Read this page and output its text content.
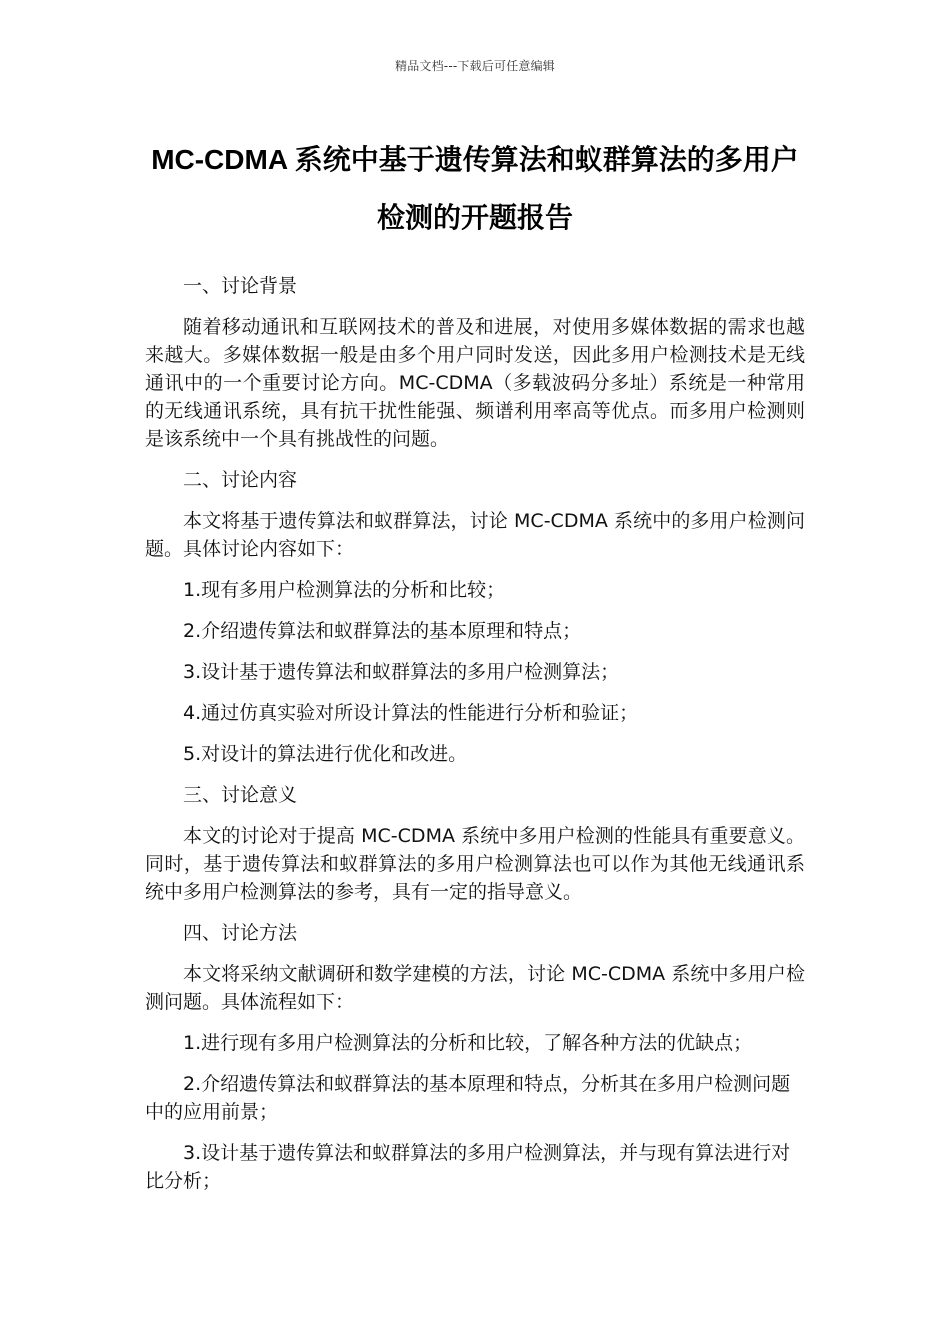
精品文档---下载后可任意编辑
MC-CDMA 系统中基于遗传算法和蚁群算法的多用户
检测的开题报告
一、讨论背景
随着移动通讯和互联网技术的普及和进展，对使用多媒体数据的需求也越来越大。多媒体数据一般是由多个用户同时发送，因此多用户检测技术是无线通讯中的一个重要讨论方向。MC-CDMA（多载波码分多址）系统是一种常用的无线通讯系统，具有抗干扰性能强、频谱利用率高等优点。而多用户检测则是该系统中一个具有挑战性的问题。
二、讨论内容
本文将基于遗传算法和蚁群算法，讨论 MC-CDMA 系统中的多用户检测问题。具体讨论内容如下：
1.现有多用户检测算法的分析和比较；
2.介绍遗传算法和蚁群算法的基本原理和特点；
3.设计基于遗传算法和蚁群算法的多用户检测算法；
4.通过仿真实验对所设计算法的性能进行分析和验证；
5.对设计的算法进行优化和改进。
三、讨论意义
本文的讨论对于提高 MC-CDMA 系统中多用户检测的性能具有重要意义。同时，基于遗传算法和蚁群算法的多用户检测算法也可以作为其他无线通讯系统中多用户检测算法的参考，具有一定的指导意义。
四、讨论方法
本文将采纳文献调研和数学建模的方法，讨论 MC-CDMA 系统中多用户检测问题。具体流程如下：
1.进行现有多用户检测算法的分析和比较，了解各种方法的优缺点；
2.介绍遗传算法和蚁群算法的基本原理和特点，分析其在多用户检测问题中的应用前景；
3.设计基于遗传算法和蚁群算法的多用户检测算法，并与现有算法进行对比分析；
